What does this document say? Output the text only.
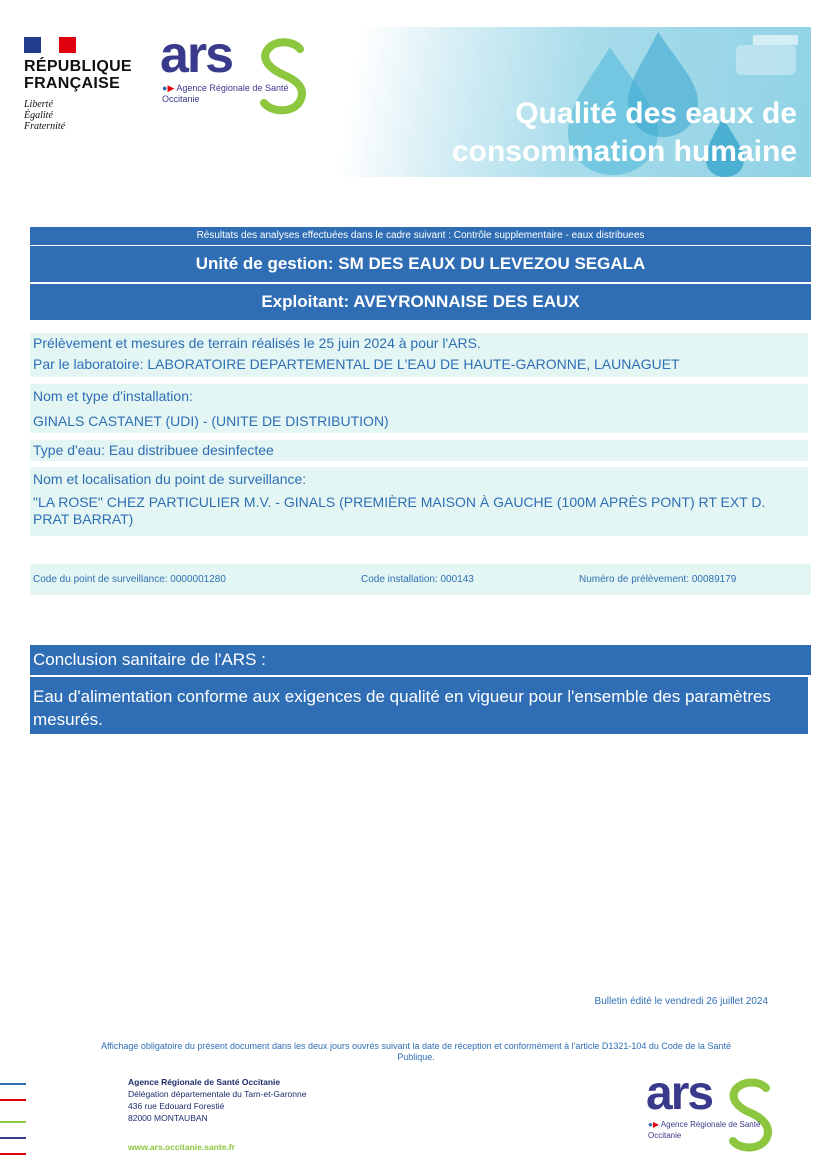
RÉPUBLIQUE
FRANÇAISE
Liberté
Égalité
Fraternité
ars
●▶ Agence Régionale de Santé
Occitanie	Qualité des eaux de
consommation humaine
Résultats des analyses effectuées dans le cadre suivant : Contrôle supplementaire - eaux distribuees
Unité de gestion: SM DES EAUX DU LEVEZOU SEGALA
Exploitant: AVEYRONNAISE DES EAUX
Prélèvement et mesures de terrain réalisés le 25 juin 2024 à pour l'ARS.
Par le laboratoire: LABORATOIRE DEPARTEMENTAL DE L'EAU DE HAUTE-GARONNE, LAUNAGUET
Nom et type d'installation:
GINALS CASTANET (UDI) - (UNITE DE DISTRIBUTION)
Type d'eau: Eau distribuee desinfectee
Nom et localisation du point de surveillance:
"LA ROSE" CHEZ PARTICULIER M.V. - GINALS (PREMIÈRE MAISON À GAUCHE (100M APRÈS PONT) RT EXT D. PRAT BARRAT)
Code du point de surveillance: 0000001280	Code installation: 000143	Numéro de prélèvement: 00089179
Conclusion sanitaire de l'ARS :
Eau d'alimentation conforme aux exigences de qualité en vigueur pour l'ensemble des paramètres mesurés.
Bulletin édité le vendredi 26 juillet 2024
Affichage obligatoire du présent document dans les deux jours ouvrés suivant la date de réception et conformément à l'article D1321-104 du Code de la Santé Publique.
Agence Régionale de Santé Occitanie
Délégation départementale du Tarn-et-Garonne
436 rue Edouard Forestié
82000 MONTAUBAN
www.ars.occitanie.sante.fr
ars
●▶ Agence Régionale de Santé
Occitanie
